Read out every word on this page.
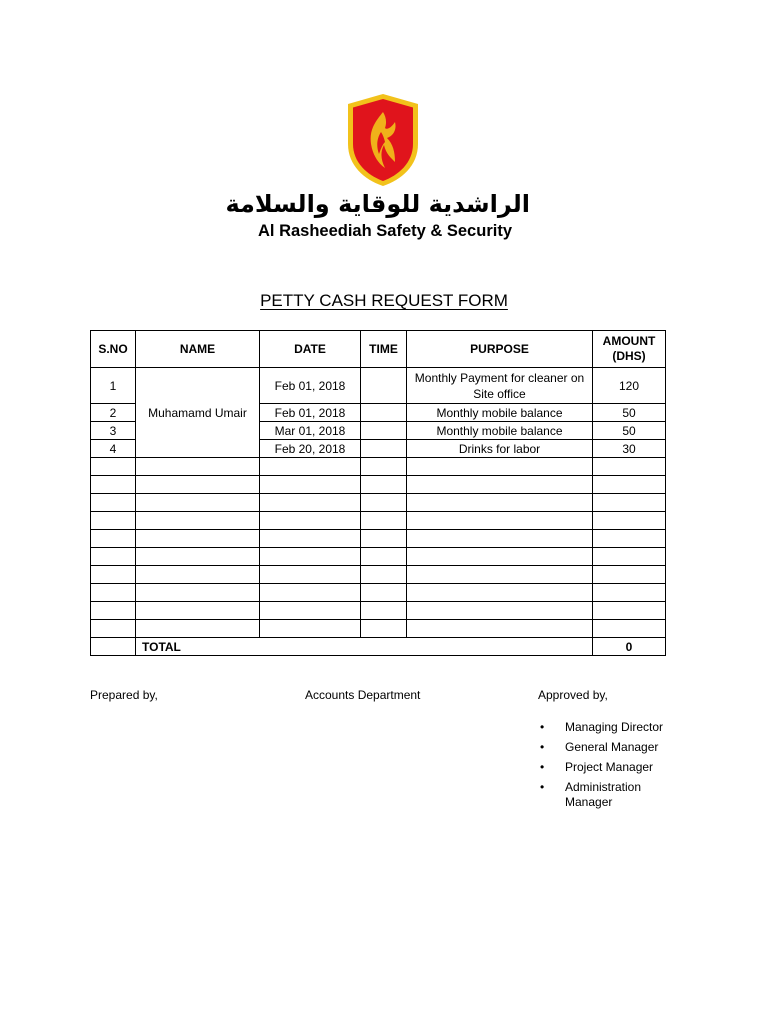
الراشدية للوقاية والسلامة
Al Rasheediah Safety & Security
PETTY CASH REQUEST FORM
S.NO	NAME	DATE	TIME	PURPOSE	AMOUNT (DHS)
1	Muhamamd Umair	Feb 01, 2018		Monthly Payment for cleaner on Site office	120
2		Feb 01, 2018		Monthly mobile balance	50
3		Mar 01, 2018		Monthly mobile balance	50
4		Feb 20, 2018		Drinks for labor	30

	TOTAL				0
Prepared by,	Accounts Department	Approved by,
• Managing Director
• General Manager
• Project Manager
• Administration Manager
